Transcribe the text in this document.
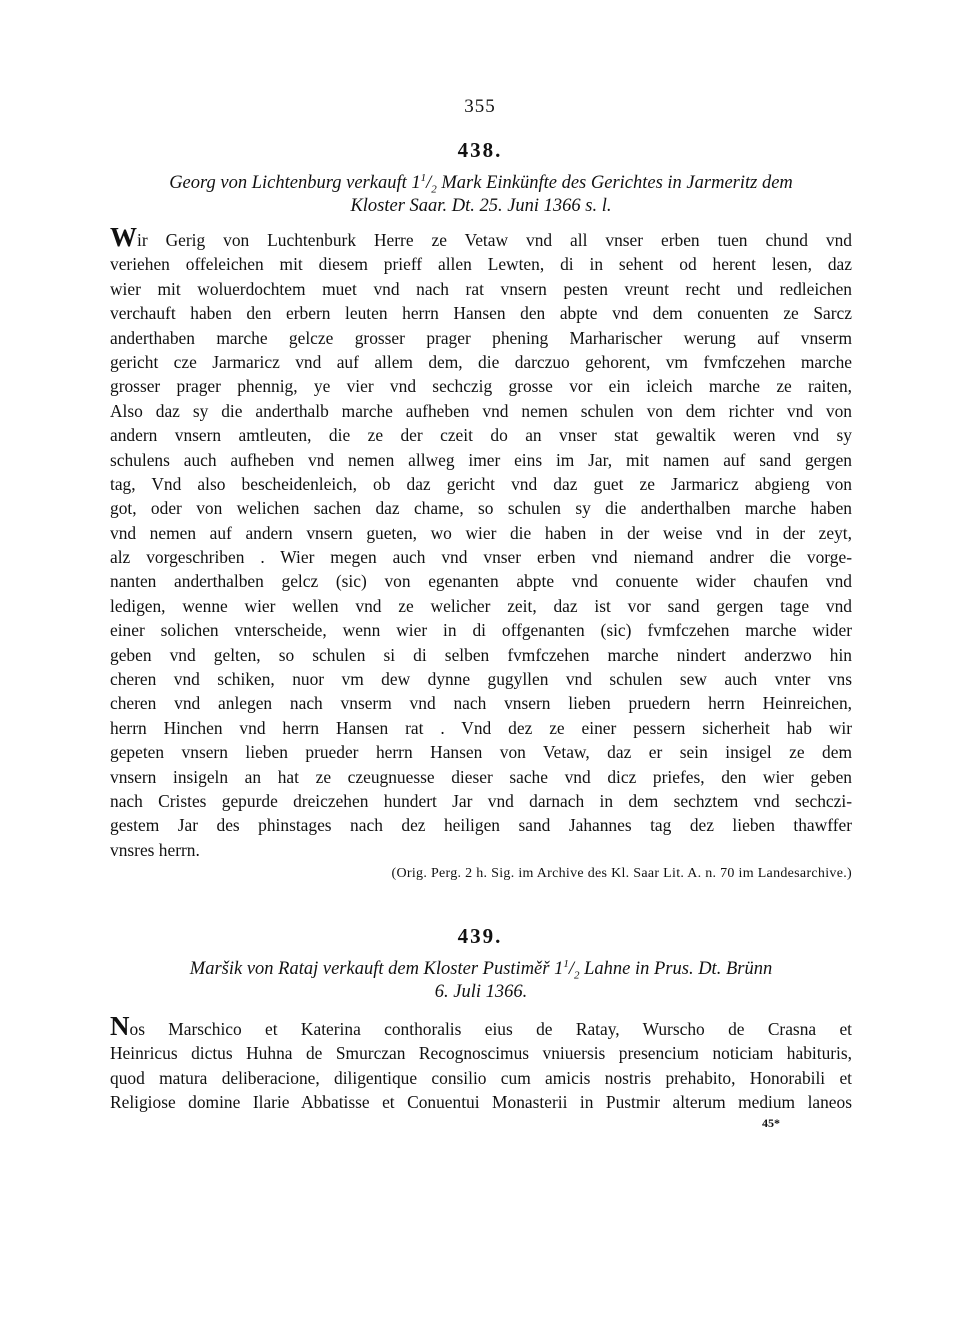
355
438.
Georg von Lichtenburg verkauft $1^1/_2$ Mark Einkünfte des Gerichtes in Jarmeritz dem
Kloster Saar. Dt. 25. Juni 1366 s. l.
Wir Gerig von Luchtenburk Herre ze Vetaw vnd all vnser erben tuen chund vnd
veriehen offeleichen mit diesem prieff allen Lewten, di in sehent od herent lesen, daz
wier mit woluerdochtem muet vnd nach rat vnsern pesten vreunt recht und redleichen
verchauft haben den erbern leuten herrn Hansen den abpte vnd dem conuenten ze Sarcz
anderthaben marche gelcze grosser prager phening Marharischer werung auf vnserm
gericht cze Jarmaricz vnd auf allem dem, die darczuo gehorent, vm fvmfczehen marche
grosser prager phennig, ye vier vnd sechczig grosse vor ein icleich marche ze raiten,
Also daz sy die anderthalb marche aufheben vnd nemen schulen von dem richter vnd von
andern vnsern amtleuten, die ze der czeit do an vnser stat gewaltik weren vnd sy
schulens auch aufheben vnd nemen allweg imer eins im Jar, mit namen auf sand gergen
tag, Vnd also bescheidenleich, ob daz gericht vnd daz guet ze Jarmaricz abgieng von
got, oder von welichen sachen daz chame, so schulen sy die anderthalben marche haben
vnd nemen auf andern vnsern gueten, wo wier die haben in der weise vnd in der zeyt,
alz vorgeschriben . Wier megen auch vnd vnser erben vnd niemand andrer die vorge-
nanten anderthalben gelcz (sic) von egenanten abpte vnd conuente wider chaufen vnd
ledigen, wenne wier wellen vnd ze welicher zeit, daz ist vor sand gergen tage vnd
einer solichen vnterscheide, wenn wier in di offgenanten (sic) fvmfczehen marche wider
geben vnd gelten, so schulen si di selben fvmfczehen marche nindert anderzwo hin
cheren vnd schiken, nuor vm dew dynne gugyllen vnd schulen sew auch vnter vns
cheren vnd anlegen nach vnserm vnd nach vnsern lieben pruedern herrn Heinreichen,
herrn Hinchen vnd herrn Hansen rat . Vnd dez ze einer pessern sicherheit hab wir
gepeten vnsern lieben prueder herrn Hansen von Vetaw, daz er sein insigel ze dem
vnsern insigeln an hat ze czeugnuesse dieser sache vnd dicz priefes, den wier geben
nach Cristes gepurde dreiczehen hundert Jar vnd darnach in dem sechztem vnd sechczi-
gestem Jar des phinstages nach dez heiligen sand Jahannes tag dez lieben thawffer
vnsres herrn.
(Orig. Perg. 2 h. Sig. im Archive des Kl. Saar Lit. A. n. 70 im Landesarchive.)
439.
Maršik von Rataj verkauft dem Kloster Pustiměř $1^1/_2$ Lahne in Prus. Dt. Brünn
6. Juli 1366.
Nos Marschico et Katerina conthoralis eius de Ratay, Wurscho de Crasna et
Heinricus dictus Huhna de Smurczan Recognoscimus vniuersis presencium noticiam habituris,
quod matura deliberacione, diligentique consilio cum amicis nostris prehabito, Honorabili et
Religiose domine Ilarie Abbatisse et Conuentui Monasterii in Pustmir alterum medium laneos
45*
